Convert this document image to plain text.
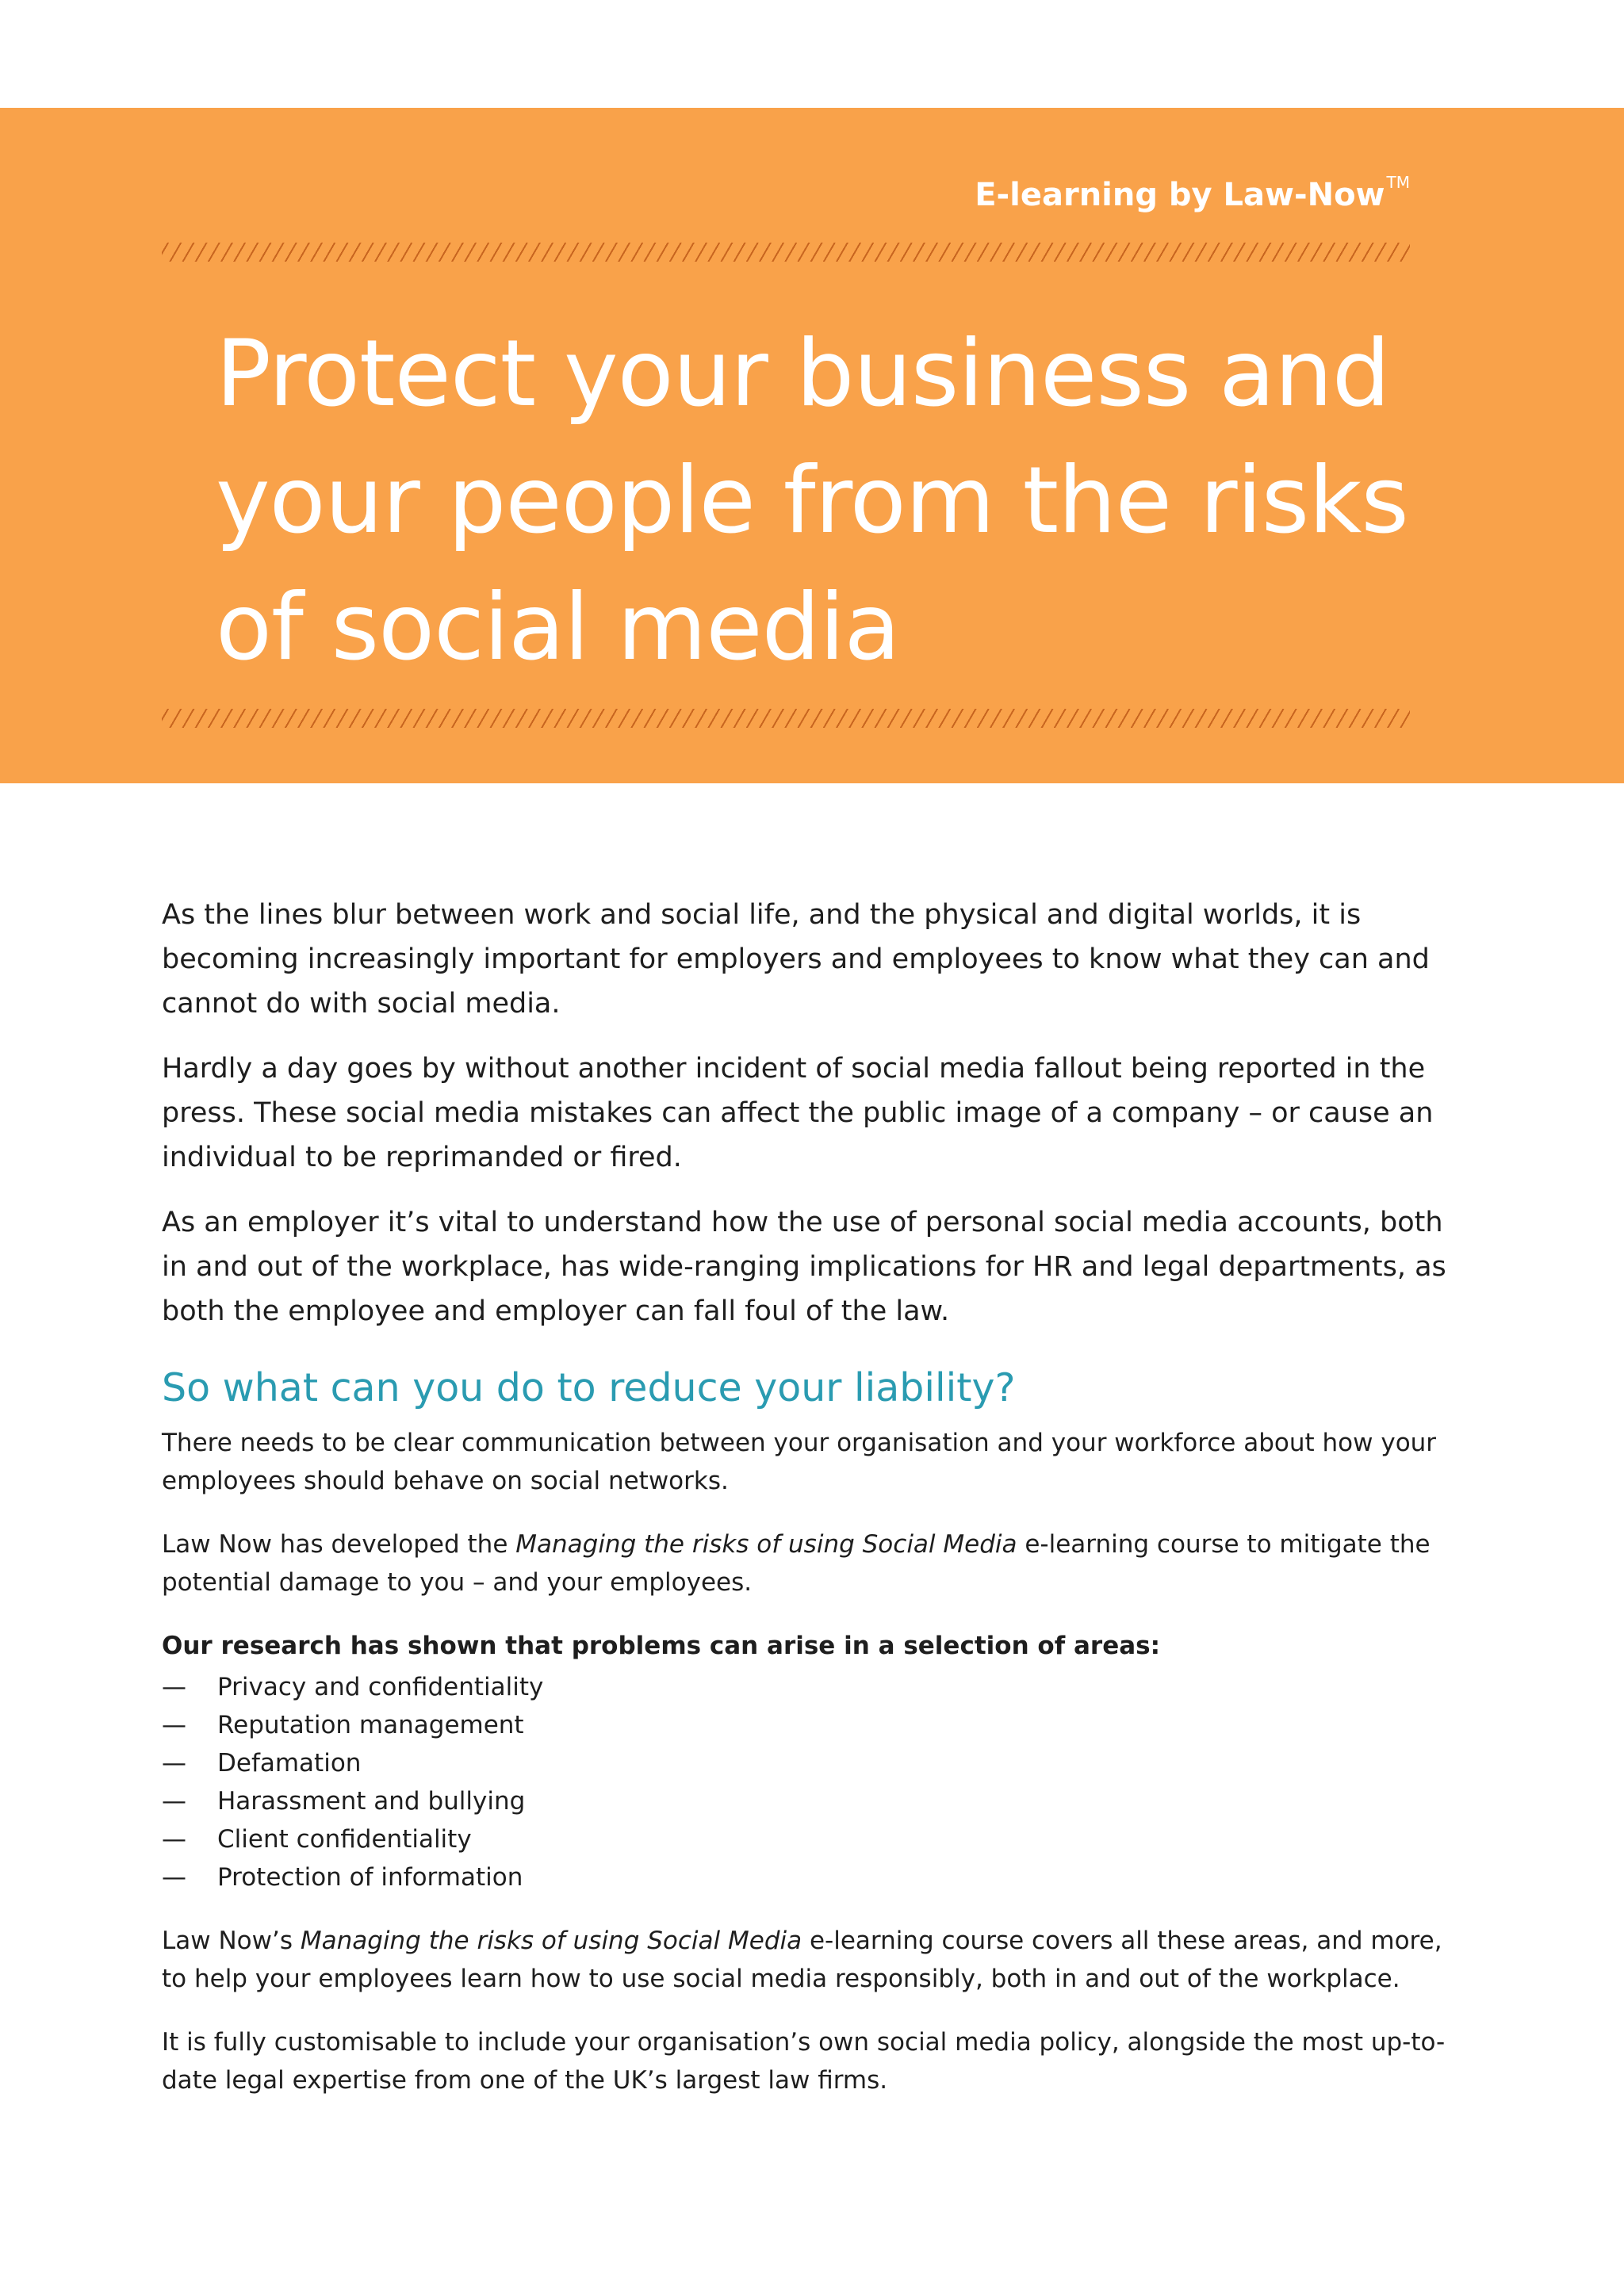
E-learning by Law-Now ™
Protect your business and your people from the risks of social media

As the lines blur between work and social life, and the physical and digital worlds, it is becoming increasingly important for employers and employees to know what they can and cannot do with social media.

Hardly a day goes by without another incident of social media fallout being reported in the press. These social media mistakes can affect the public image of a company – or cause an individual to be reprimanded or fired.

As an employer it’s vital to understand how the use of personal social media accounts, both in and out of the workplace, has wide-ranging implications for HR and legal departments, as both the employee and employer can fall foul of the law.

So what can you do to reduce your liability?

There needs to be clear communication between your organisation and your workforce about how your employees should behave on social networks.

Law Now has developed the Managing the risks of using Social Media e-learning course to mitigate the potential damage to you – and your employees.

Our research has shown that problems can arise in a selection of areas:

—	Privacy and confidentiality
—	Reputation management
—	Defamation
—	Harassment and bullying
—	Client confidentiality
—	Protection of information

Law Now’s Managing the risks of using Social Media e-learning course covers all these areas, and more, to help your employees learn how to use social media responsibly, both in and out of the workplace.

It is fully customisable to include your organisation’s own social media policy, alongside the most up-to-date legal expertise from one of the UK’s largest law firms.
